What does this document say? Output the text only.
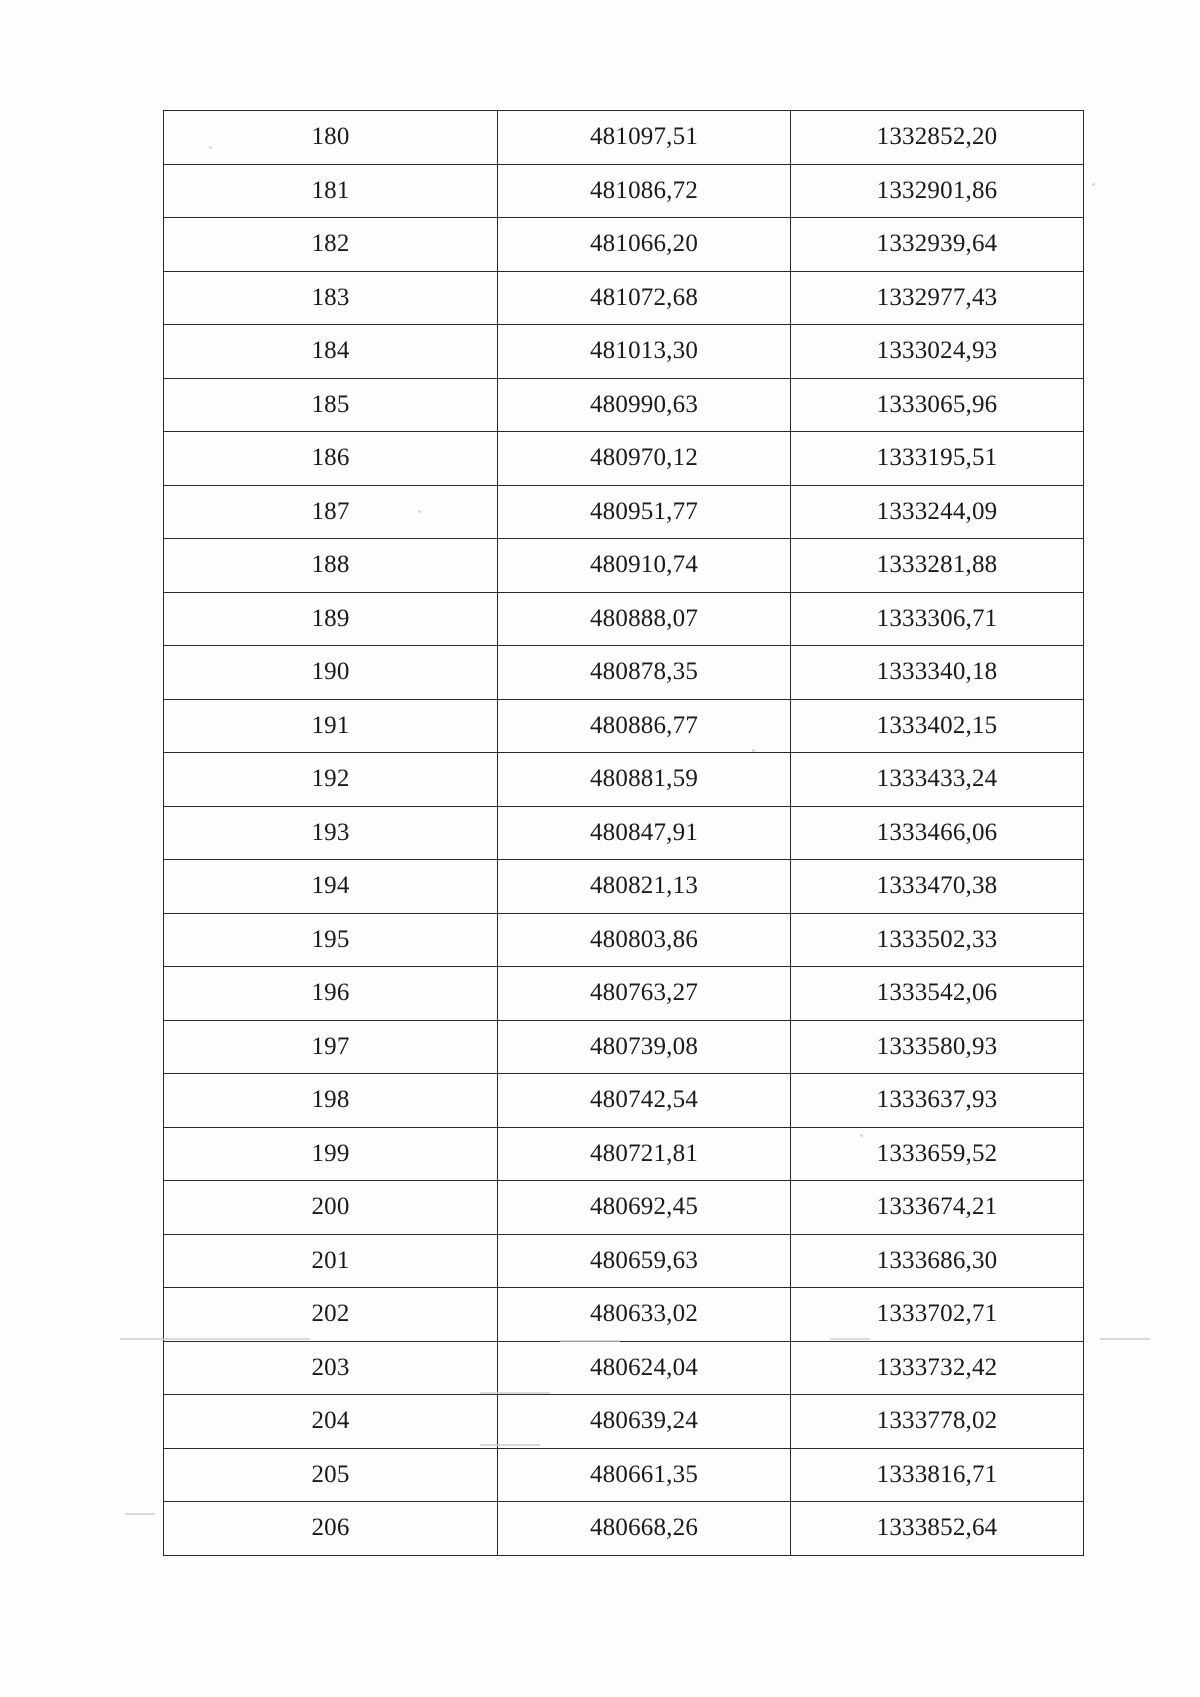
180	481097,51	1332852,20
181	481086,72	1332901,86
182	481066,20	1332939,64
183	481072,68	1332977,43
184	481013,30	1333024,93
185	480990,63	1333065,96
186	480970,12	1333195,51
187	480951,77	1333244,09
188	480910,74	1333281,88
189	480888,07	1333306,71
190	480878,35	1333340,18
191	480886,77	1333402,15
192	480881,59	1333433,24
193	480847,91	1333466,06
194	480821,13	1333470,38
195	480803,86	1333502,33
196	480763,27	1333542,06
197	480739,08	1333580,93
198	480742,54	1333637,93
199	480721,81	1333659,52
200	480692,45	1333674,21
201	480659,63	1333686,30
202	480633,02	1333702,71
203	480624,04	1333732,42
204	480639,24	1333778,02
205	480661,35	1333816,71
206	480668,26	1333852,64
